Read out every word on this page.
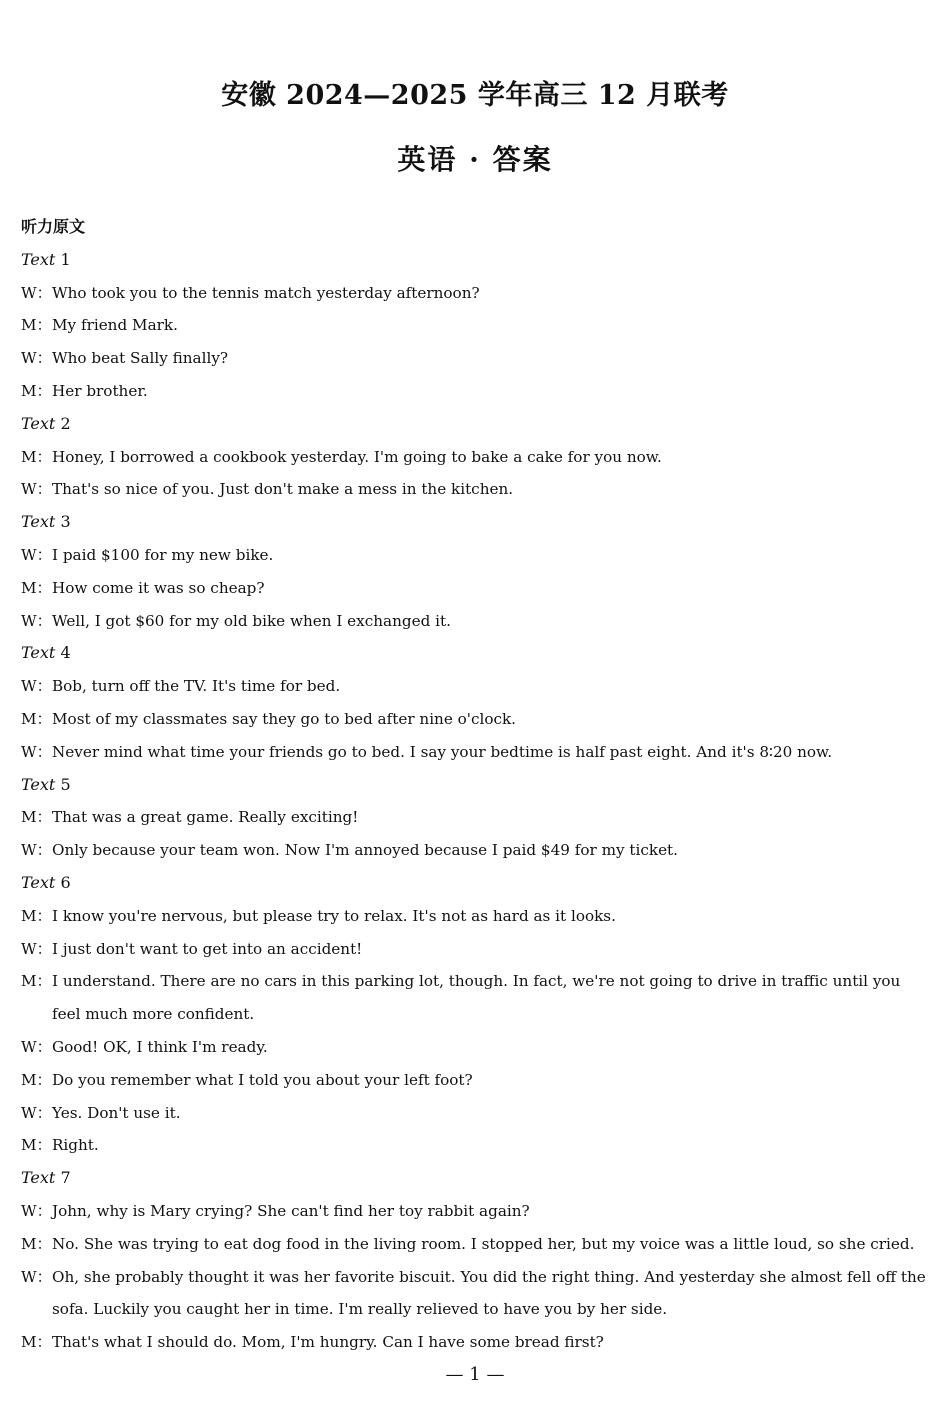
安徽 2024—2025 学年高三 12 月联考
英语 · 答案
听力原文
Text 1
W： Who took you to the tennis match yesterday afternoon?
M： My friend Mark.
W： Who beat Sally finally?
M： Her brother.
Text 2
M： Honey, I borrowed a cookbook yesterday. I'm going to bake a cake for you now.
W： That's so nice of you. Just don't make a mess in the kitchen.
Text 3
W： I paid $100 for my new bike.
M： How come it was so cheap?
W： Well, I got $60 for my old bike when I exchanged it.
Text 4
W： Bob, turn off the TV. It's time for bed.
M： Most of my classmates say they go to bed after nine o'clock.
W： Never mind what time your friends go to bed. I say your bedtime is half past eight. And it's 8∶20 now.
Text 5
M： That was a great game. Really exciting!
W： Only because your team won. Now I'm annoyed because I paid $49 for my ticket.
Text 6
M： I know you're nervous, but please try to relax. It's not as hard as it looks.
W： I just don't want to get into an accident!
M： I understand. There are no cars in this parking lot, though. In fact, we're not going to drive in traffic until you feel much more confident.
W： Good! OK, I think I'm ready.
M： Do you remember what I told you about your left foot?
W： Yes. Don't use it.
M： Right.
Text 7
W： John, why is Mary crying? She can't find her toy rabbit again?
M： No. She was trying to eat dog food in the living room. I stopped her, but my voice was a little loud, so she cried.
W： Oh, she probably thought it was her favorite biscuit. You did the right thing. And yesterday she almost fell off the sofa. Luckily you caught her in time. I'm really relieved to have you by her side.
M： That's what I should do. Mom, I'm hungry. Can I have some bread first?
— 1 —
